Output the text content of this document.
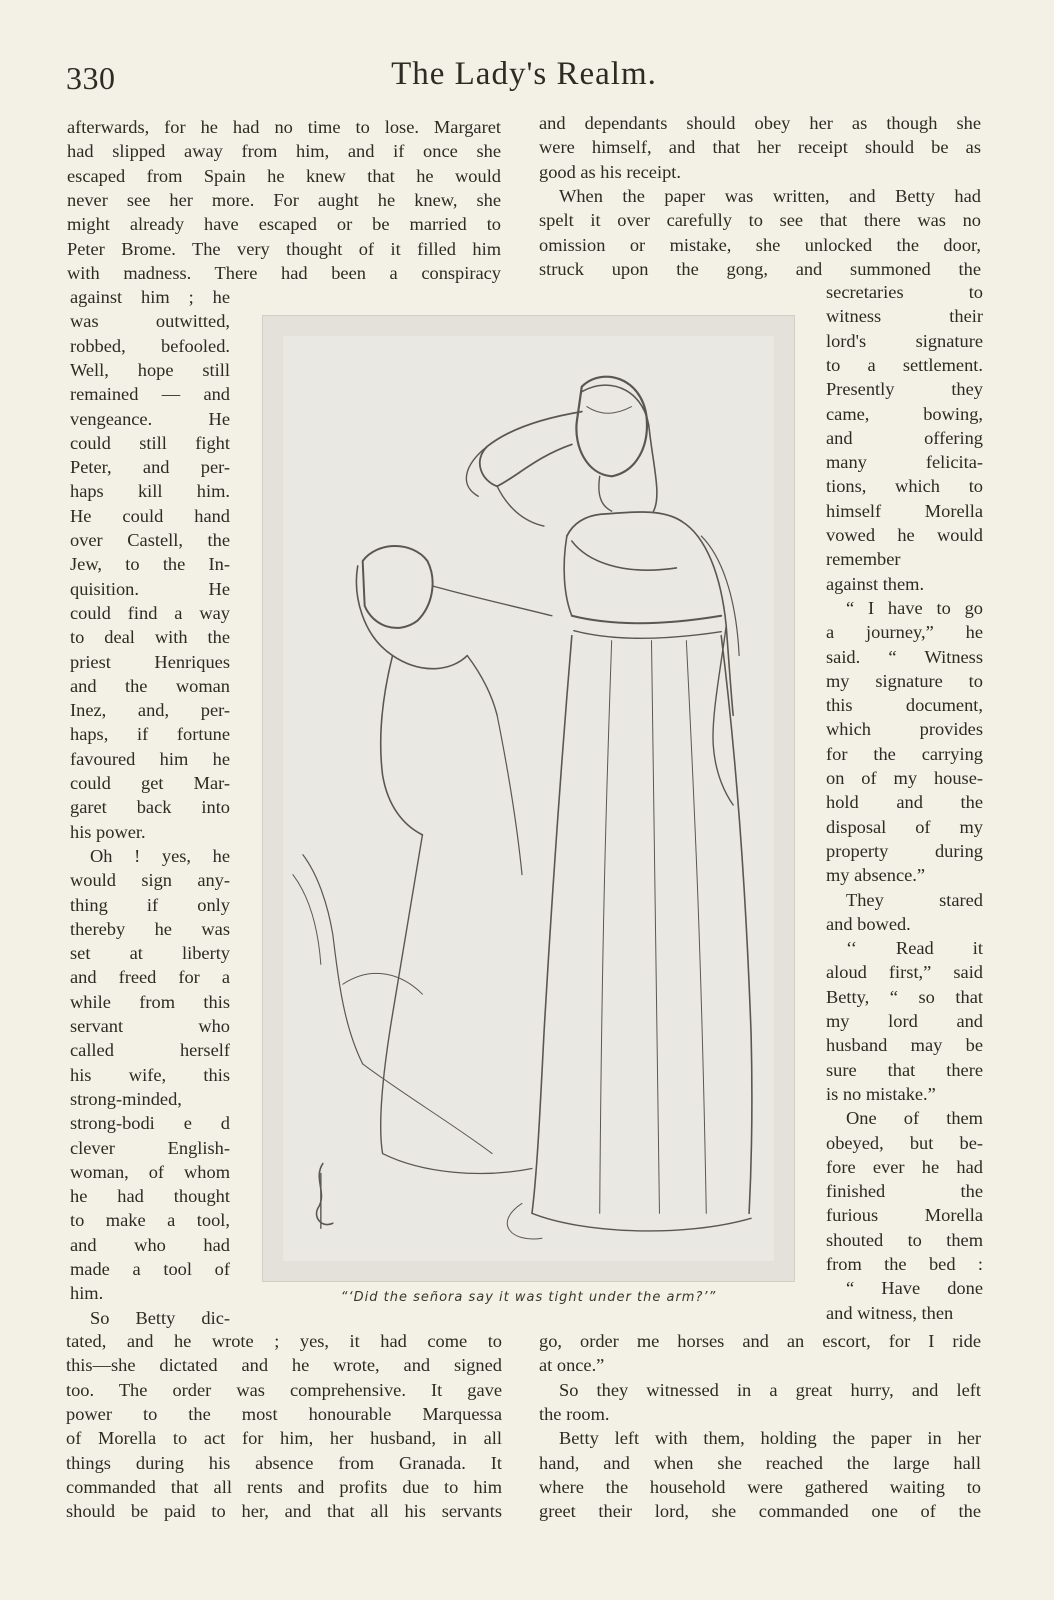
330	The Lady's Realm.
afterwards, for he had no time to lose. Margaret
had slipped away from him, and if once she
escaped from Spain he knew that he would
never see her more. For aught he knew, she
might already have escaped or be married to
Peter Brome. The very thought of it filled him
with madness. There had been a conspiracy
against him ; he
was outwitted,
robbed, befooled.
Well, hope still
remained — and
vengeance. He
could still fight
Peter, and per-
haps kill him.
He could hand
over Castell, the
Jew, to the In-
quisition. He
could find a way
to deal with the
priest Henriques
and the woman
Inez, and, per-
haps, if fortune
favoured him he
could get Mar-
garet back into
his power.
Oh ! yes, he
would sign any-
thing if only
thereby he was
set at liberty
and freed for a
while from this
servant who
called herself
his wife, this
strong-minded,
strong-bodi e d
clever English-
woman, of whom
he had thought
to make a tool,
and who had
made a tool of
him.
So Betty dic-
tated, and he wrote ; yes, it had come to
this—she dictated and he wrote, and signed
too. The order was comprehensive. It gave
power to the most honourable Marquessa
of Morella to act for him, her husband, in all
things during his absence from Granada. It
commanded that all rents and profits due to him
should be paid to her, and that all his servants
and dependants should obey her as though she
were himself, and that her receipt should be as
good as his receipt.
When the paper was written, and Betty had
spelt it over carefully to see that there was no
omission or mistake, she unlocked the door,
struck upon the gong, and summoned the
secretaries to
witness their
lord's signature
to a settlement.
Presently they
came, bowing,
and offering
many felicita-
tions, which to
himself Morella
vowed he would
remember
against them.
“ I have to go
a journey,” he
said. “ Witness
my signature to
this document,
which provides
for the carrying
on of my house-
hold and the
disposal of my
property during
my absence.”
They stared
and bowed.
‘‘ Read it
aloud first,” said
Betty, “ so that
my lord and
husband may be
sure that there
is no mistake.”
One of them
obeyed, but be-
fore ever he had
finished the
furious Morella
shouted to them
from the bed :
“ Have done
and witness, then
go, order me horses and an escort, for I ride
at once.”
So they witnessed in a great hurry, and left
the room.
Betty left with them, holding the paper in her
hand, and when she reached the large hall
where the household were gathered waiting to
greet their lord, she commanded one of the
“‘Did the señora say it was tight under the arm?’”
